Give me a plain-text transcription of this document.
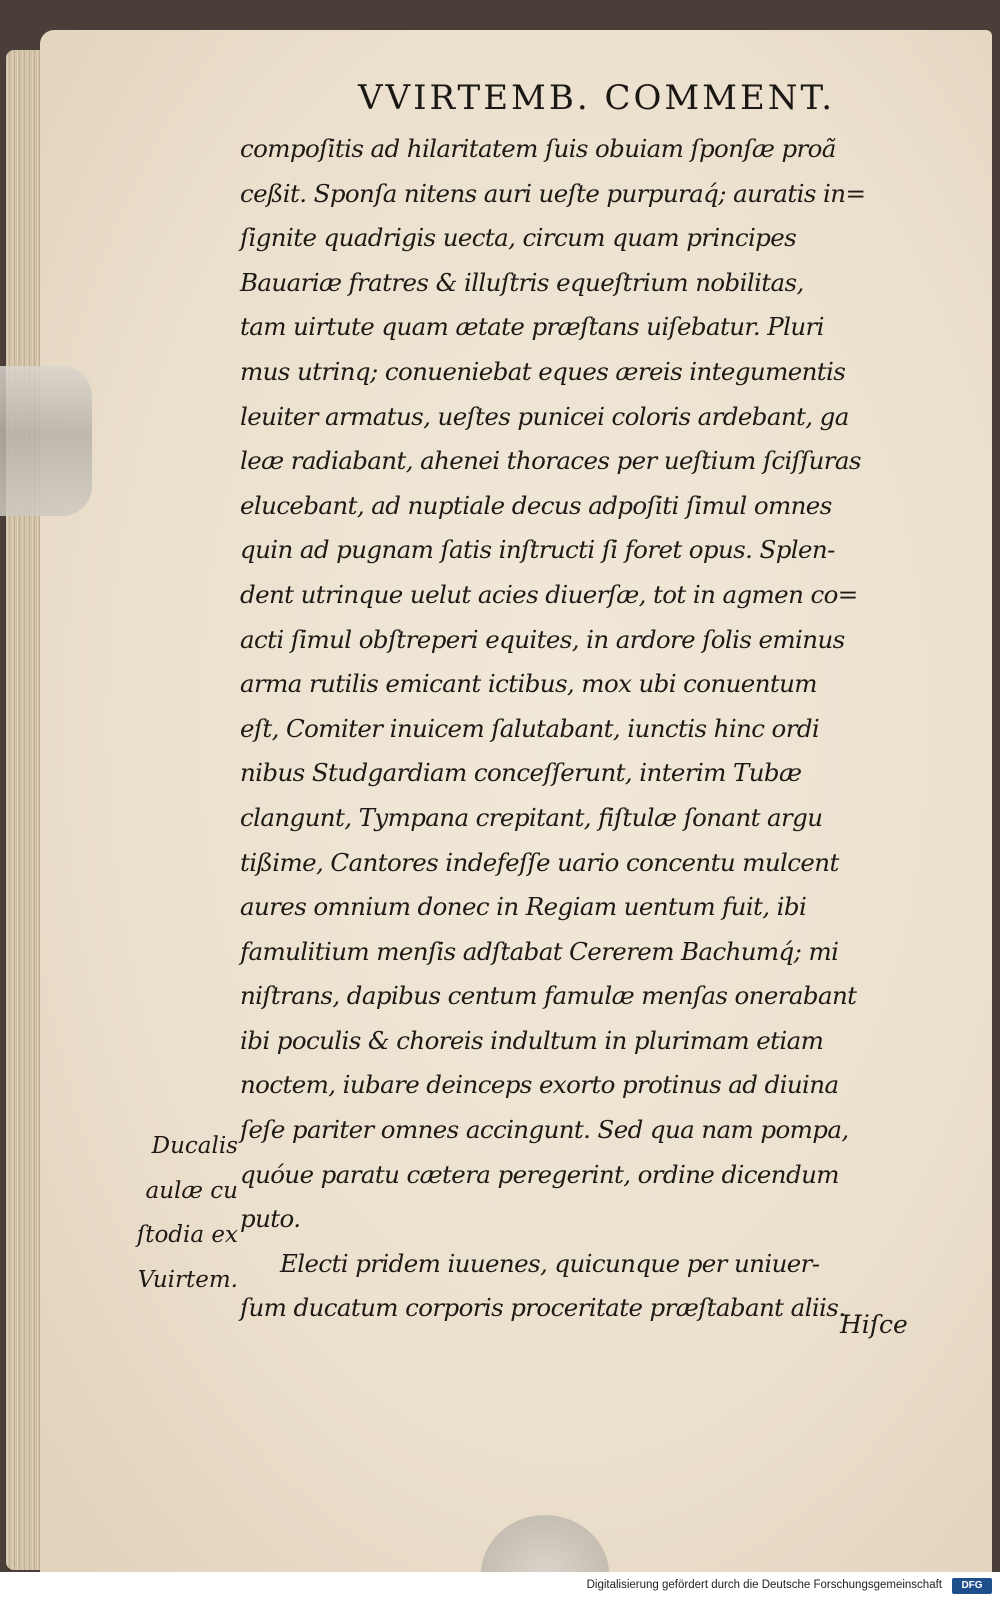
VVIRTEMB. COMMENT.
compoſitis ad hilaritatem ſuis obuiam ſponſæ proã
ceßit. Sponſa nitens auri ueſte purpuraq́; auratis in=
ſignite quadrigis uecta, circum quam principes
Bauariæ fratres & illuſtris equeſtrium nobilitas,
tam uirtute quam ætate præſtans uiſebatur. Pluri
mus utrinq; conueniebat eques æreis integumentis
leuiter armatus, ueſtes punicei coloris ardebant, ga
leæ radiabant, ahenei thoraces per ueſtium ſciſſuras
elucebant, ad nuptiale decus adpoſiti ſimul omnes
quin ad pugnam ſatis inſtructi ſi foret opus. Splen-
dent utrinque uelut acies diuerſæ, tot in agmen co=
acti ſimul obſtreperi equites, in ardore ſolis eminus
arma rutilis emicant ictibus, mox ubi conuentum
eſt, Comiter inuicem ſalutabant, iunctis hinc ordi
nibus Studgardiam conceſſerunt, interim Tubæ
clangunt, Tympana crepitant, fiſtulæ ſonant argu
tißime, Cantores indefeſſe uario concentu mulcent
aures omnium donec in Regiam uentum fuit, ibi
famulitium menſis adſtabat Cererem Bachumq́; mi
niſtrans, dapibus centum famulæ menſas onerabant
ibi poculis & choreis indultum in plurimam etiam
noctem, iubare deinceps exorto protinus ad diuina
ſeſe pariter omnes accingunt. Sed qua nam pompa,
quóue paratu cætera peregerint, ordine dicendum
puto.
Electi pridem iuuenes, quicunque per uniuer-
ſum ducatum corporis proceritate præſtabant aliis.
Ducalis
aulæ cu
ſtodia ex
Vuirtem.
Hiſce
Digitalisierung gefördert durch die Deutsche Forschungsgemeinschaft	DFG
